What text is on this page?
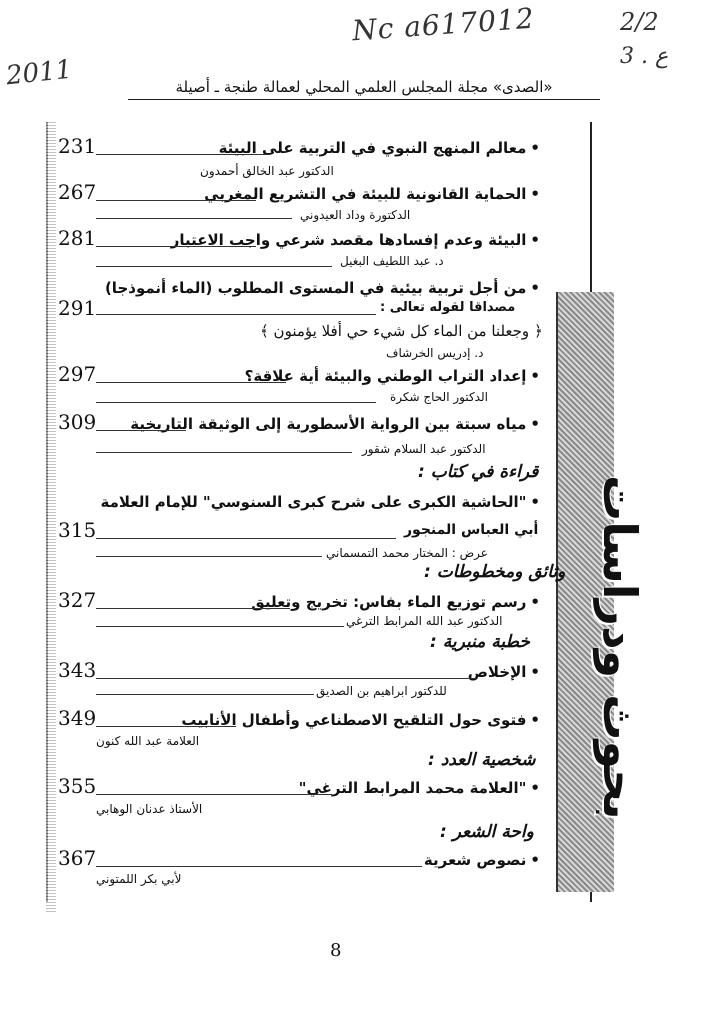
Nc a617012	2/2
2011	3 . ع
«الصدى» مجلة المجلس العلمي المحلي لعمالة طنجة ـ أصيلة
بحوث ودراسات
231	•معالم المنهج النبوي في التربية على البيئة
الدكتور عبد الخالق أحمدون
267	•الحماية القانونية للبيئة في التشريع المغربي
الدكتورة وداد العيدوني
281	•البيئة وعدم إفسادها مقصد شرعي واجب الاعتبار
د. عبد اللطيف البغيل
•من أجل تربية بيئية في المستوى المطلوب (الماء أنموذجا)
291	مصداقا لقوله تعالى :
﴿ وجعلنا من الماء كل شيء حي أفلا يؤمنون ﴾
د. إدريس الخرشاف
297	•إعداد التراب الوطني والبيئة أية علاقة؟
الدكتور الحاج شكرة
309	•مياه سبتة بين الرواية الأسطورية إلى الوثيقة التاريخية
الدكتور عبد السلام شقور
قراءة في كتاب :
•"الحاشية الكبرى على شرح كبرى السنوسي" للإمام العلامة
315	أبي العباس المنجور
عرض : المختار محمد التمسماني
وثائق ومخطوطات :
327	•رسم توزيع الماء بفاس: تخريج وتعليق
الدكتور عبد الله المرابط الترغي
خطبة منبرية :
343	•الإخلاص
للدكتور ابراهيم بن الصديق
349	•فتوى حول التلقيح الاصطناعي وأطفال الأنابيب
العلامة عبد الله كنون
شخصية العدد :
355	•"العلامة محمد المرابط الترغي"
الأستاذ عدنان الوهابي
واحة الشعر :
367	•نصوص شعرية
لأبي بكر اللمتوني
8
